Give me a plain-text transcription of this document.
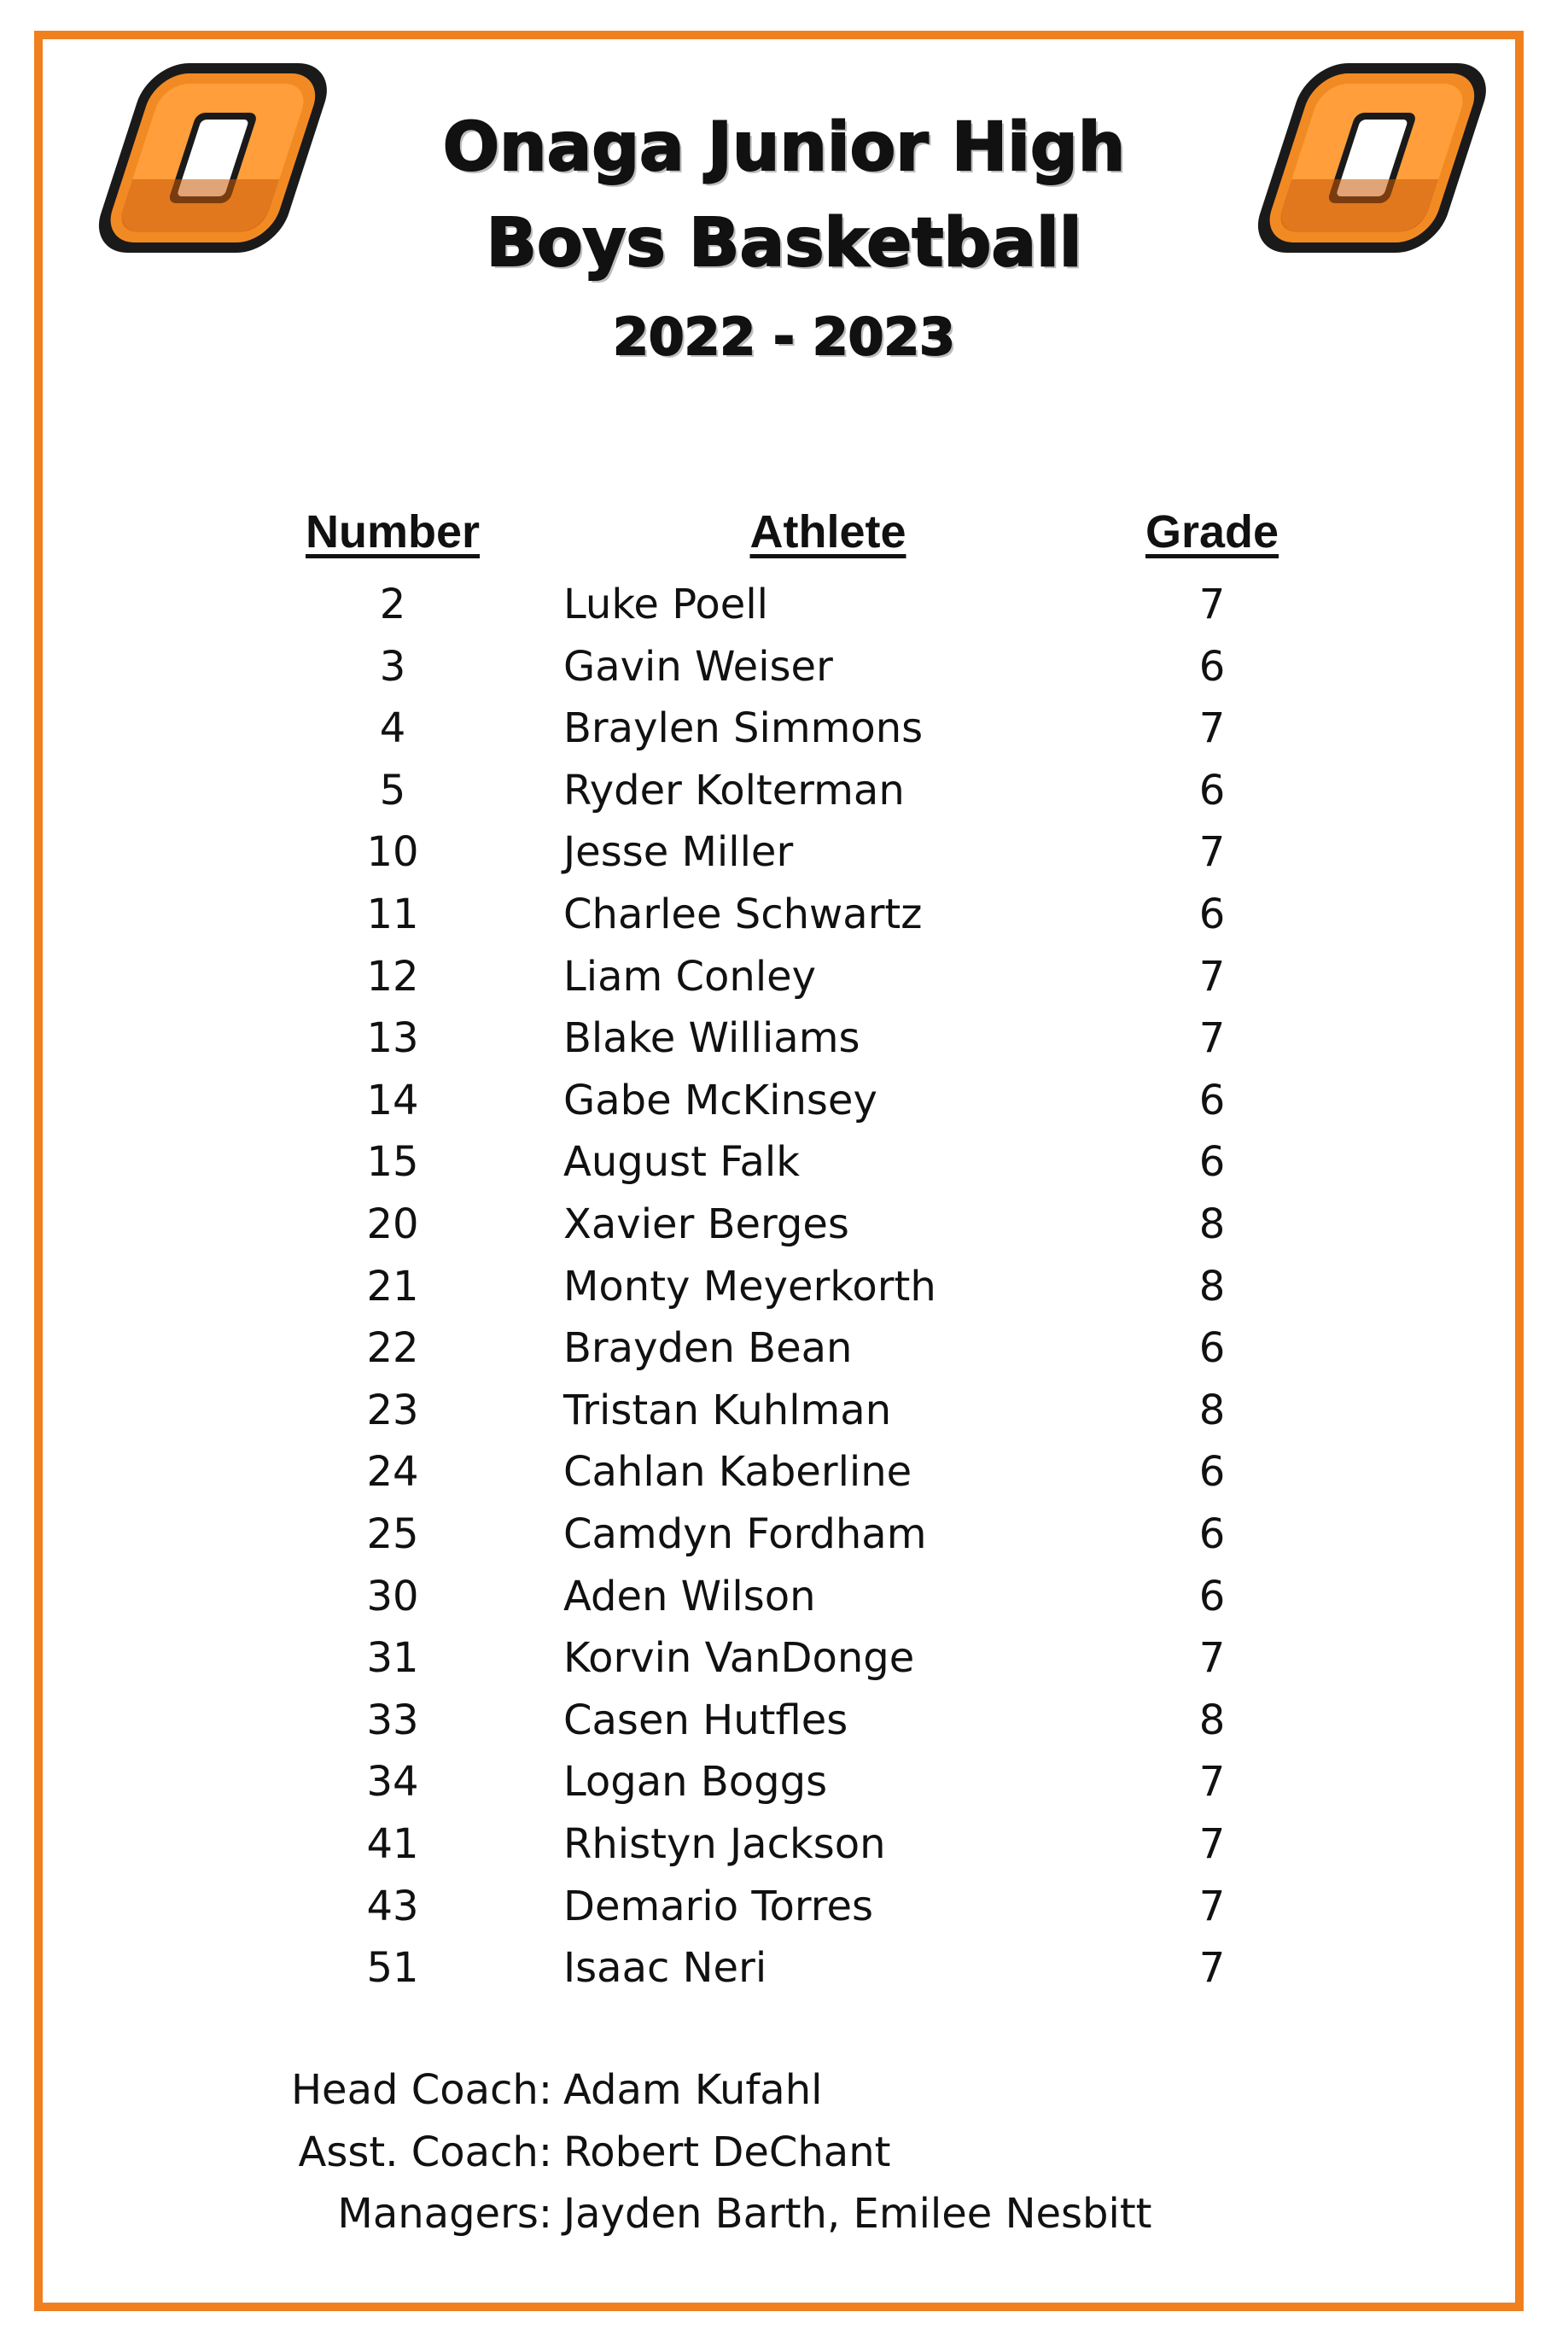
Onaga Junior High
Boys Basketball
2022 - 2023
Number	Athlete	Grade
2	Luke Poell	7
3	Gavin Weiser	6
4	Braylen Simmons	7
5	Ryder Kolterman	6
10	Jesse Miller	7
11	Charlee Schwartz	6
12	Liam Conley	7
13	Blake Williams	7
14	Gabe McKinsey	6
15	August Falk	6
20	Xavier Berges	8
21	Monty Meyerkorth	8
22	Brayden Bean	6
23	Tristan Kuhlman	8
24	Cahlan Kaberline	6
25	Camdyn Fordham	6
30	Aden Wilson	6
31	Korvin VanDonge	7
33	Casen Hutfles	8
34	Logan Boggs	7
41	Rhistyn Jackson	7
43	Demario Torres	7
51	Isaac Neri	7
Head Coach: Adam Kufahl
Asst. Coach: Robert DeChant
Managers: Jayden Barth, Emilee Nesbitt
